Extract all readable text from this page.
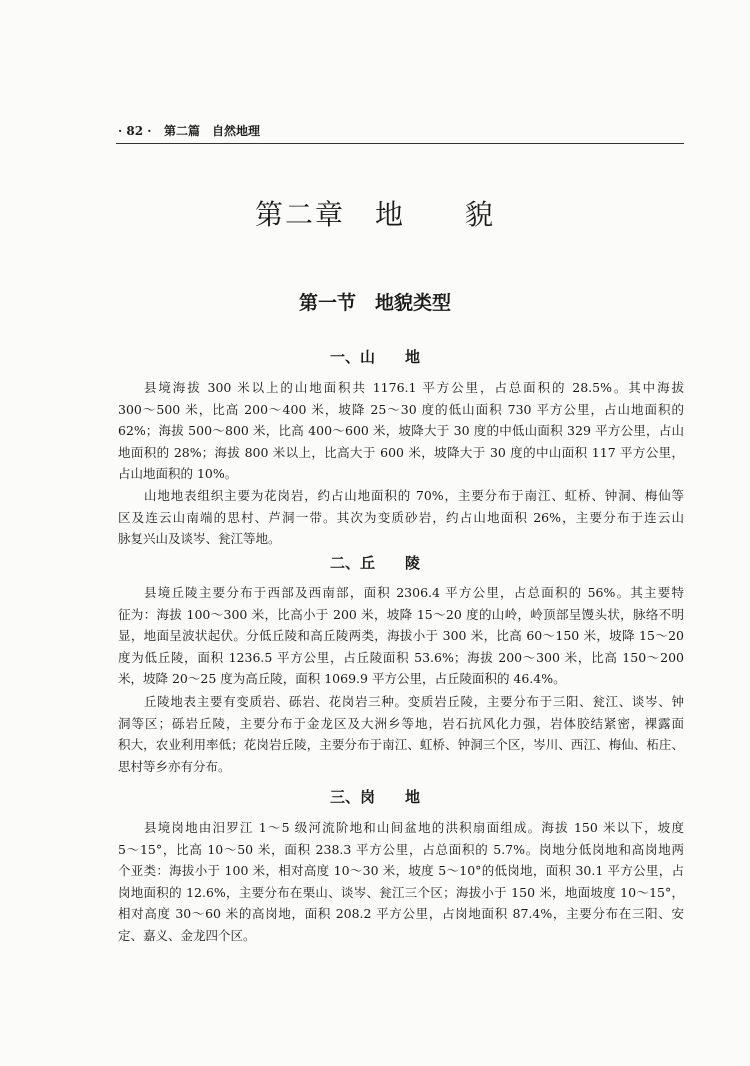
· 82 · 第二篇　自然地理
第二章　地　　貌
第一节　地貌类型
一、山　　地
县境海拔 300 米以上的山地面积共 1176.1 平方公里，占总面积的 28.5%。其中海拔
300～500 米，比高 200～400 米，坡降 25～30 度的低山面积 730 平方公里，占山地面积的
62%；海拔 500～800 米，比高 400～600 米，坡降大于 30 度的中低山面积 329 平方公里，占山
地面积的 28%；海拔 800 米以上，比高大于 600 米，坡降大于 30 度的中山面积 117 平方公里，
占山地面积的 10%。
山地地表组织主要为花岗岩，约占山地面积的 70%，主要分布于南江、虹桥、钟洞、梅仙等
区及连云山南端的思村、芦洞一带。其次为变质砂岩，约占山地面积 26%，主要分布于连云山
脉复兴山及谈岑、瓮江等地。
二、丘　　陵
县境丘陵主要分布于西部及西南部，面积 2306.4 平方公里，占总面积的 56%。其主要特
征为：海拔 100～300 米，比高小于 200 米，坡降 15～20 度的山岭，岭顶部呈馒头状，脉络不明
显，地面呈波状起伏。分低丘陵和高丘陵两类，海拔小于 300 米，比高 60～150 米，坡降 15～20
度为低丘陵，面积 1236.5 平方公里，占丘陵面积 53.6%；海拔 200～300 米，比高 150～200
米，坡降 20～25 度为高丘陵，面积 1069.9 平方公里，占丘陵面积的 46.4%。
丘陵地表主要有变质岩、砾岩、花岗岩三种。变质岩丘陵，主要分布于三阳、瓮江、谈岑、钟
洞等区；砾岩丘陵，主要分布于金龙区及大洲乡等地，岩石抗风化力强，岩体胶结紧密，裸露面
积大，农业利用率低；花岗岩丘陵，主要分布于南江、虹桥、钟洞三个区，岑川、西江、梅仙、柘庄、
思村等乡亦有分布。
三、岗　　地
县境岗地由汨罗江 1～5 级河流阶地和山间盆地的洪积扇面组成。海拔 150 米以下，坡度
5～15°，比高 10～50 米，面积 238.3 平方公里，占总面积的 5.7%。岗地分低岗地和高岗地两
个亚类：海拔小于 100 米，相对高度 10～30 米，坡度 5～10°的低岗地，面积 30.1 平方公里，占
岗地面积的 12.6%，主要分布在栗山、谈岑、瓮江三个区；海拔小于 150 米，地面坡度 10～15°，
相对高度 30～60 米的高岗地，面积 208.2 平方公里，占岗地面积 87.4%，主要分布在三阳、安
定、嘉义、金龙四个区。
